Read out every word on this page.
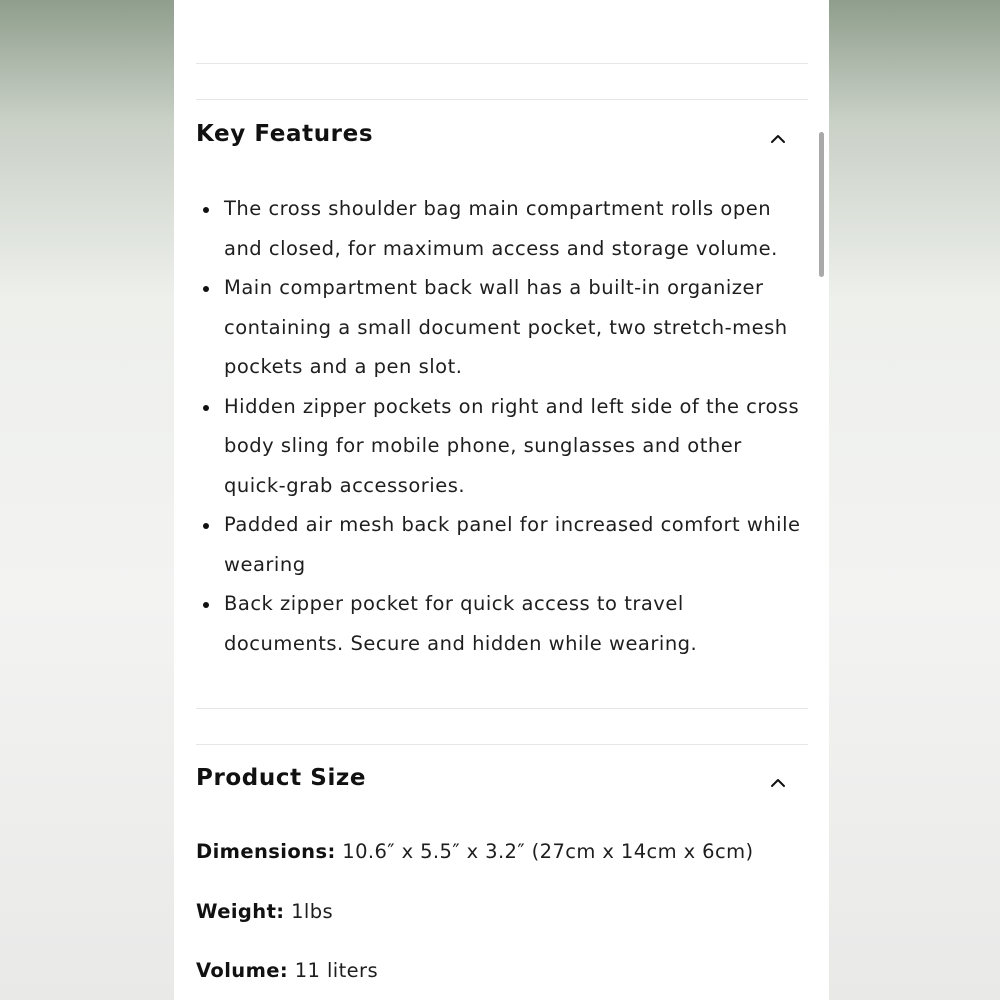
Key Features
The cross shoulder bag main compartment rolls open and closed, for maximum access and storage volume.
Main compartment back wall has a built-in organizer containing a small document pocket, two stretch-mesh pockets and a pen slot.
Hidden zipper pockets on right and left side of the cross body sling for mobile phone, sunglasses and other quick-grab accessories.
Padded air mesh back panel for increased comfort while wearing
Back zipper pocket for quick access to travel documents. Secure and hidden while wearing.
Product Size
Dimensions: 10.6″ x 5.5″ x 3.2″ (27cm x 14cm x 6cm)
Weight: 1lbs
Volume: 11 liters
